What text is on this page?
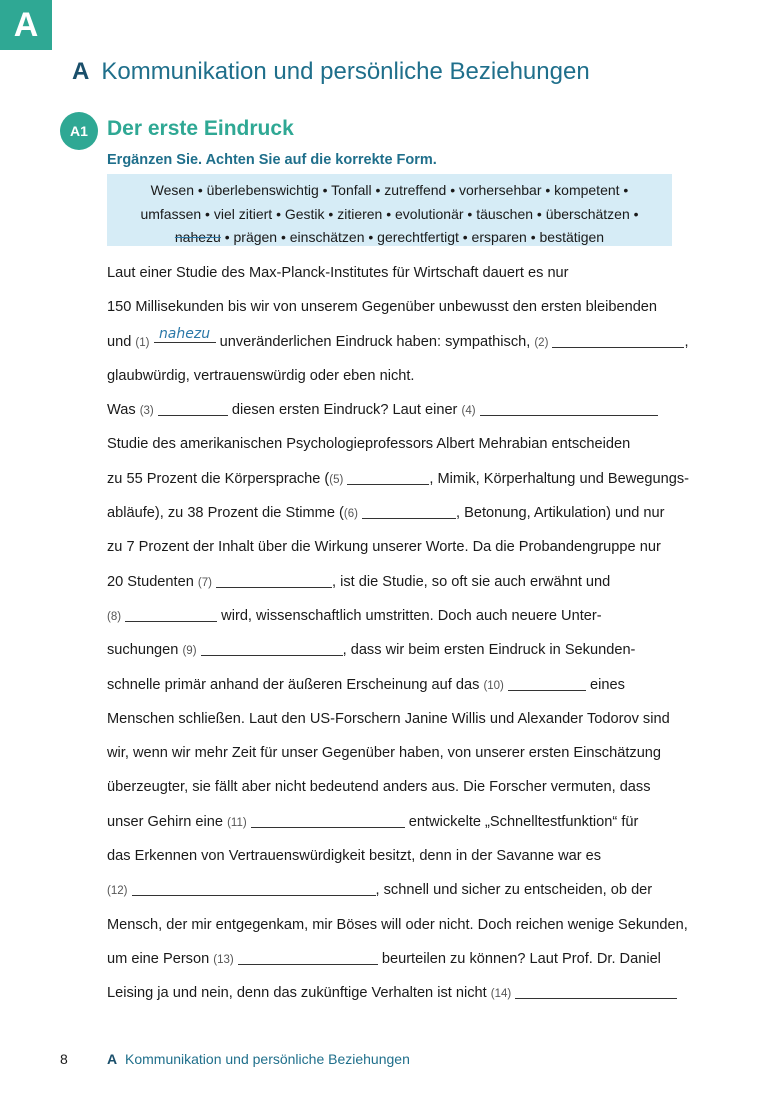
A
A Kommunikation und persönliche Beziehungen
A1 Der erste Eindruck
Ergänzen Sie. Achten Sie auf die korrekte Form.
Wesen • überlebenswichtig • Tonfall • zutreffend • vorhersehbar • kompetent •
umfassen • viel zitiert • Gestik • zitieren • evolutionär • täuschen • überschätzen •
nahezu • prägen • einschätzen • gerechtfertigt • ersparen • bestätigen
Laut einer Studie des Max-Planck-Institutes für Wirtschaft dauert es nur
150 Millisekunden bis wir von unserem Gegenüber unbewusst den ersten bleibenden
und (1) nahezu unveränderlichen Eindruck haben: sympathisch, (2)	,
glaubwürdig, vertrauenswürdig oder eben nicht.
Was (3)	diesen ersten Eindruck? Laut einer (4)
Studie des amerikanischen Psychologieprofessors Albert Mehrabian entscheiden
zu 55 Prozent die Körpersprache ((5)	, Mimik, Körperhaltung und Bewegungs-
abläufe), zu 38 Prozent die Stimme ((6)	, Betonung, Artikulation) und nur
zu 7 Prozent der Inhalt über die Wirkung unserer Worte. Da die Probandengruppe nur
20 Studenten (7)	, ist die Studie, so oft sie auch erwähnt und
(8)	wird, wissenschaftlich umstritten. Doch auch neuere Unter-
suchungen (9)	, dass wir beim ersten Eindruck in Sekunden-
schnelle primär anhand der äußeren Erscheinung auf das (10)	eines
Menschen schließen. Laut den US-Forschern Janine Willis und Alexander Todorov sind
wir, wenn wir mehr Zeit für unser Gegenüber haben, von unserer ersten Einschätzung
überzeugter, sie fällt aber nicht bedeutend anders aus. Die Forscher vermuten, dass
unser Gehirn eine (11)	entwickelte „Schnelltestfunktion“ für
das Erkennen von Vertrauenswürdigkeit besitzt, denn in der Savanne war es
(12)	, schnell und sicher zu entscheiden, ob der
Mensch, der mir entgegenkam, mir Böses will oder nicht. Doch reichen wenige Sekunden,
um eine Person (13)	beurteilen zu können? Laut Prof. Dr. Daniel
Leising ja und nein, denn das zukünftige Verhalten ist nicht (14)
8	A Kommunikation und persönliche Beziehungen
